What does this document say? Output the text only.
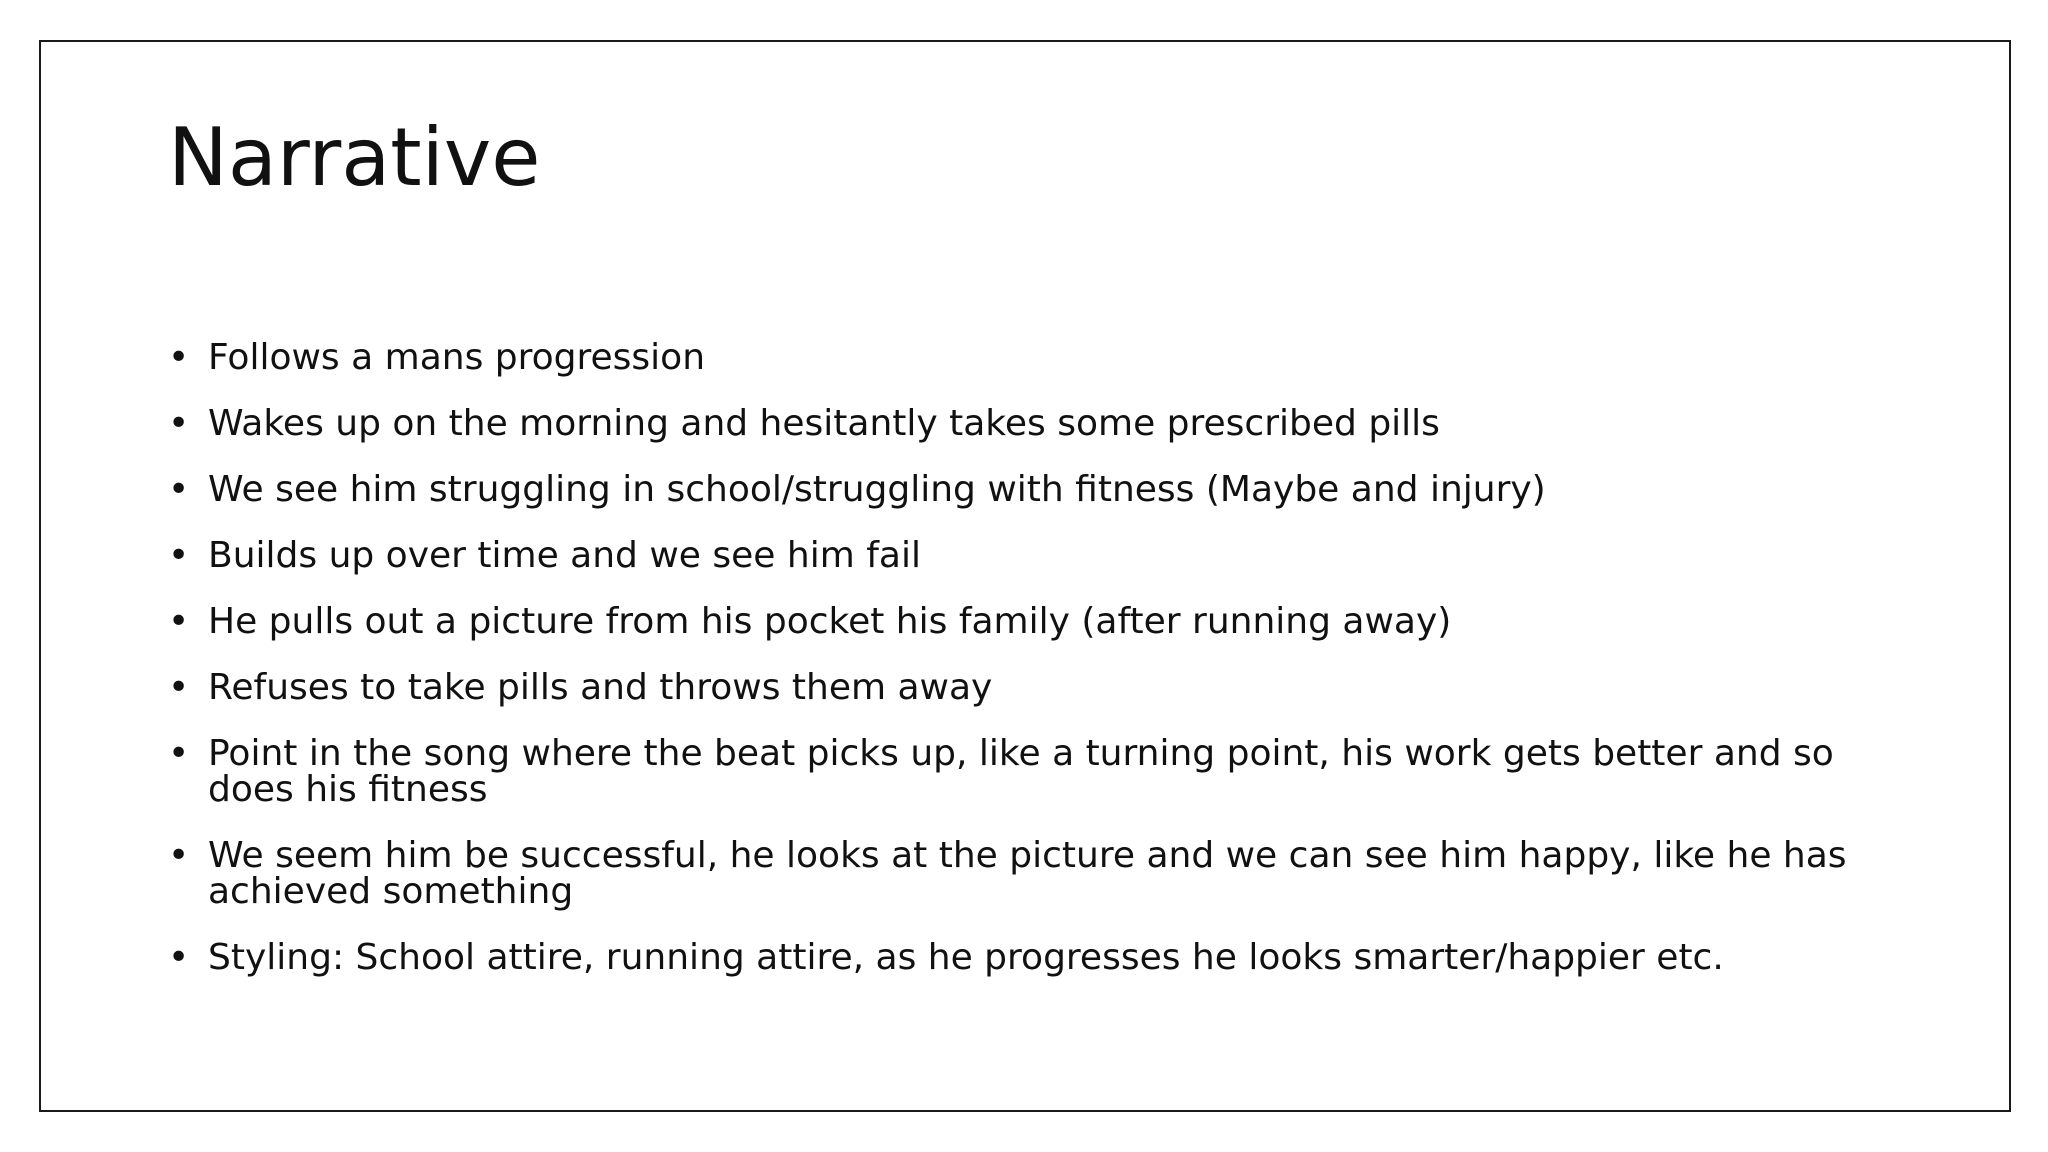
Narrative
• Follows a mans progression
• Wakes up on the morning and hesitantly takes some prescribed pills
• We see him struggling in school/struggling with fitness (Maybe and injury)
• Builds up over time and we see him fail
• He pulls out a picture from his pocket his family (after running away)
• Refuses to take pills and throws them away
• Point in the song where the beat picks up, like a turning point, his work gets better and so does his fitness
• We seem him be successful, he looks at the picture and we can see him happy, like he has achieved something
• Styling: School attire, running attire, as he progresses he looks smarter/happier etc.
